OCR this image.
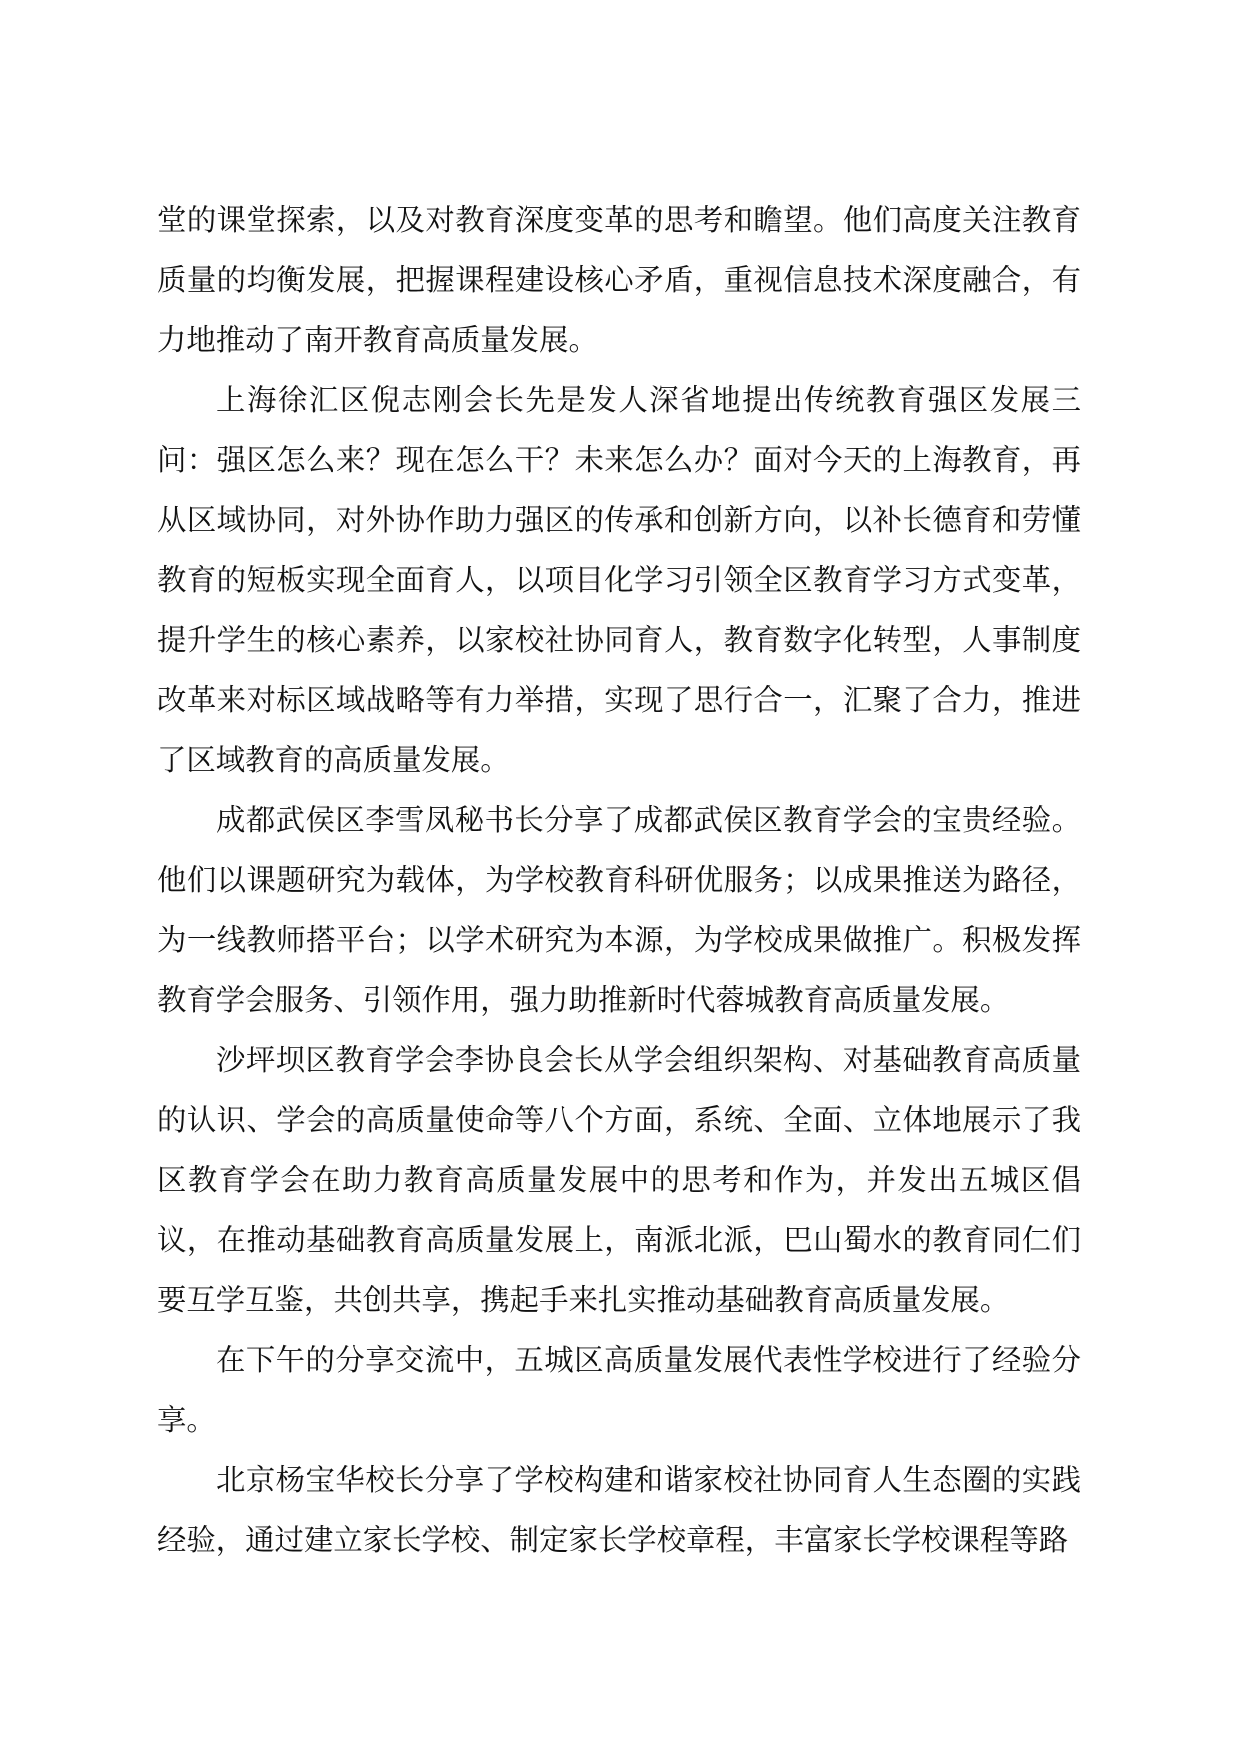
堂的课堂探索，以及对教育深度变革的思考和瞻望。他们高度关注教育质量的均衡发展，把握课程建设核心矛盾，重视信息技术深度融合，有力地推动了南开教育高质量发展。

上海徐汇区倪志刚会长先是发人深省地提出传统教育强区发展三问：强区怎么来？现在怎么干？未来怎么办？面对今天的上海教育，再从区域协同，对外协作助力强区的传承和创新方向，以补长德育和劳懂教育的短板实现全面育人，以项目化学习引领全区教育学习方式变革，提升学生的核心素养，以家校社协同育人，教育数字化转型，人事制度改革来对标区域战略等有力举措，实现了思行合一，汇聚了合力，推进了区域教育的高质量发展。

成都武侯区李雪凤秘书长分享了成都武侯区教育学会的宝贵经验。他们以课题研究为载体，为学校教育科研优服务；以成果推送为路径，为一线教师搭平台；以学术研究为本源，为学校成果做推广。积极发挥教育学会服务、引领作用，强力助推新时代蓉城教育高质量发展。

沙坪坝区教育学会李协良会长从学会组织架构、对基础教育高质量的认识、学会的高质量使命等八个方面，系统、全面、立体地展示了我区教育学会在助力教育高质量发展中的思考和作为，并发出五城区倡议，在推动基础教育高质量发展上，南派北派，巴山蜀水的教育同仁们要互学互鉴，共创共享，携起手来扎实推动基础教育高质量发展。

在下午的分享交流中，五城区高质量发展代表性学校进行了经验分享。

北京杨宝华校长分享了学校构建和谐家校社协同育人生态圈的实践经验，通过建立家长学校、制定家长学校章程，丰富家长学校课程等路
